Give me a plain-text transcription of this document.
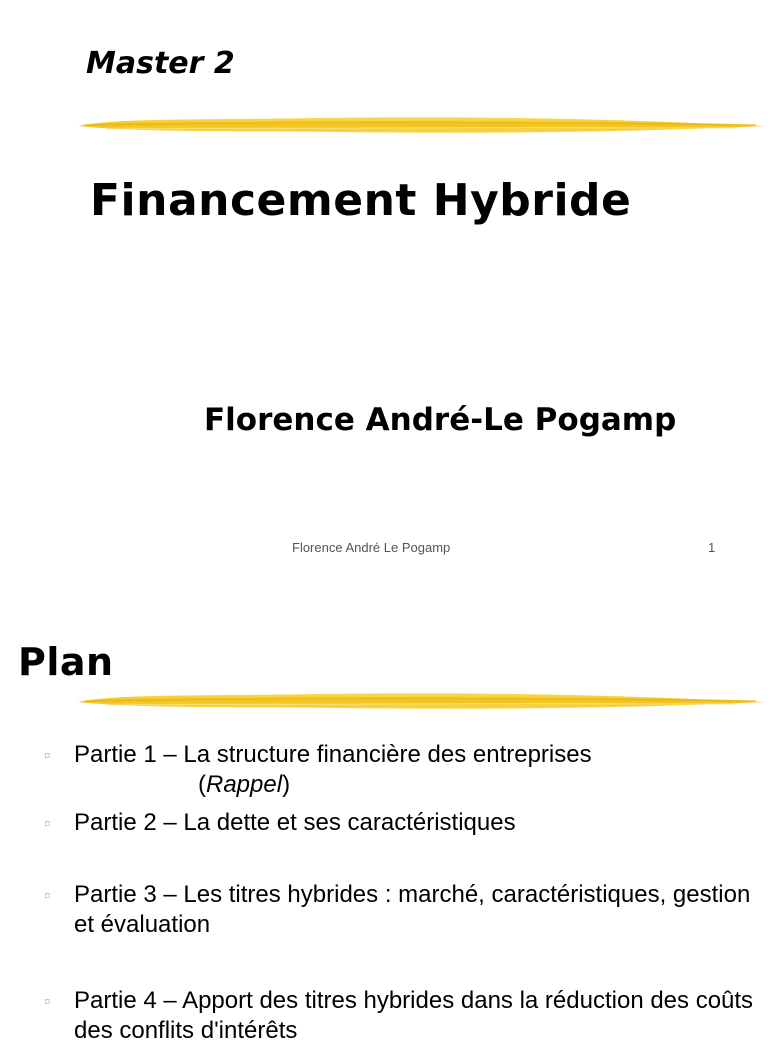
Master 2
Financement Hybride
Florence André-Le Pogamp
Florence André Le Pogamp	1
Plan
▫ Partie 1 – La structure financière des entreprises
(Rappel)
▫ Partie 2 – La dette et ses caractéristiques
▫ Partie 3 – Les titres hybrides : marché, caractéristiques, gestion et évaluation
▫ Partie 4 – Apport des titres hybrides dans la réduction des coûts des conflits d'intérêts
